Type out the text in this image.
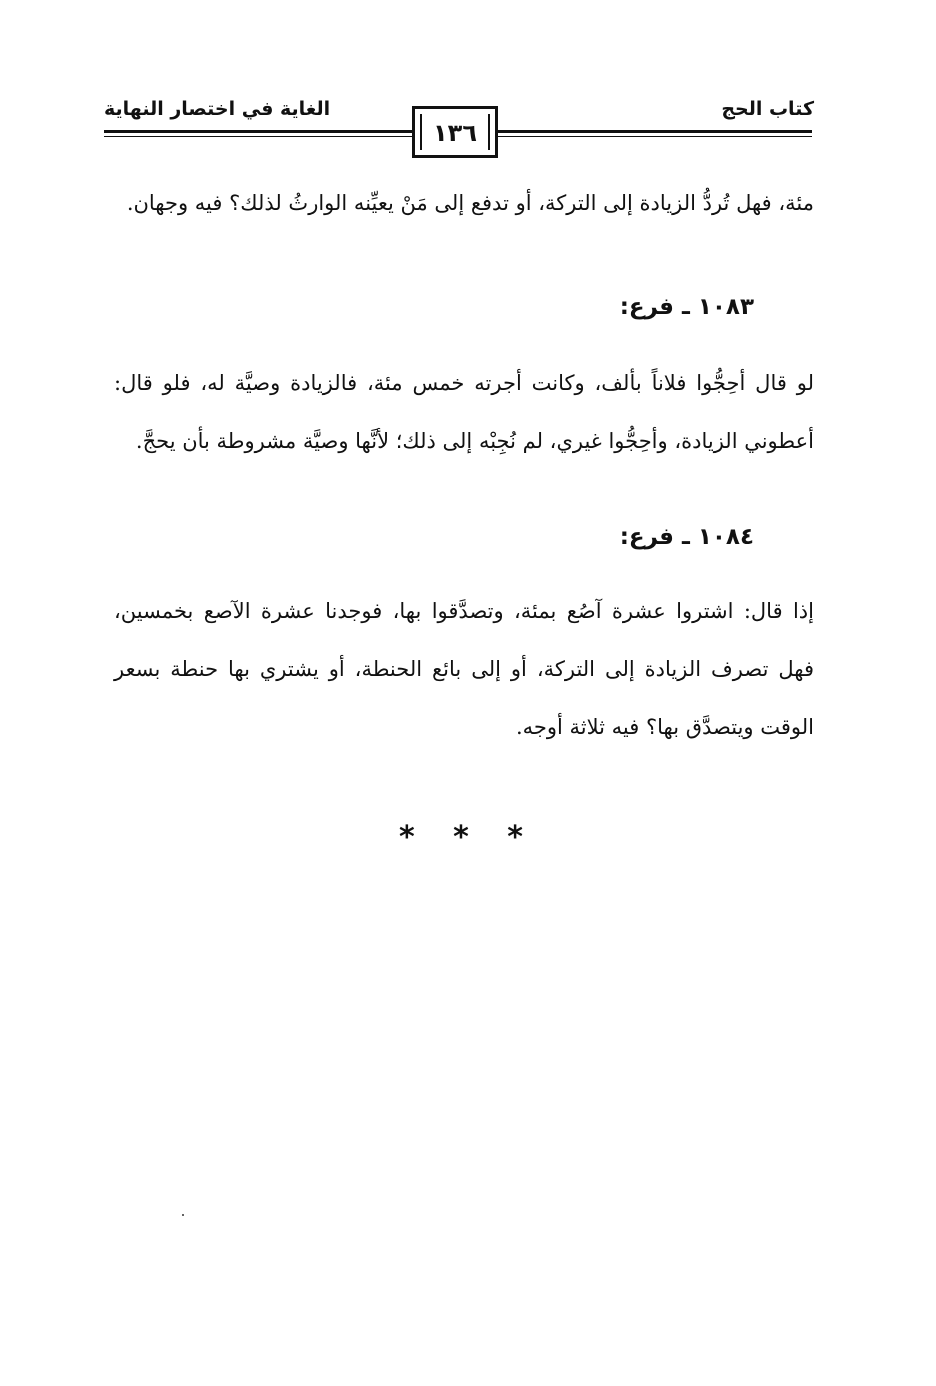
كتاب الحج
الغاية في اختصار النهاية
١٣٦
مئة، فهل تُردُّ الزيادة إلى التركة، أو تدفع إلى مَنْ يعيِّنه الوارثُ لذلك؟ فيه وجهان.
١٠٨٣ ـ فرع:
لو قال أحِجُّوا فلاناً بألف، وكانت أجرته خمس مئة، فالزيادة وصيَّة له، فلو قال: أعطوني الزيادة، وأحِجُّوا غيري، لم نُجِبْه إلى ذلك؛ لأنَّها وصيَّة مشروطة بأن يحجَّ.
١٠٨٤ ـ فرع:
إذا قال: اشتروا عشرة آصُع بمئة، وتصدَّقوا بها، فوجدنا عشرة الآصع بخمسين، فهل تصرف الزيادة إلى التركة، أو إلى بائع الحنطة، أو يشتري بها حنطة بسعر الوقت ويتصدَّق بها؟ فيه ثلاثة أوجه.
* * *
